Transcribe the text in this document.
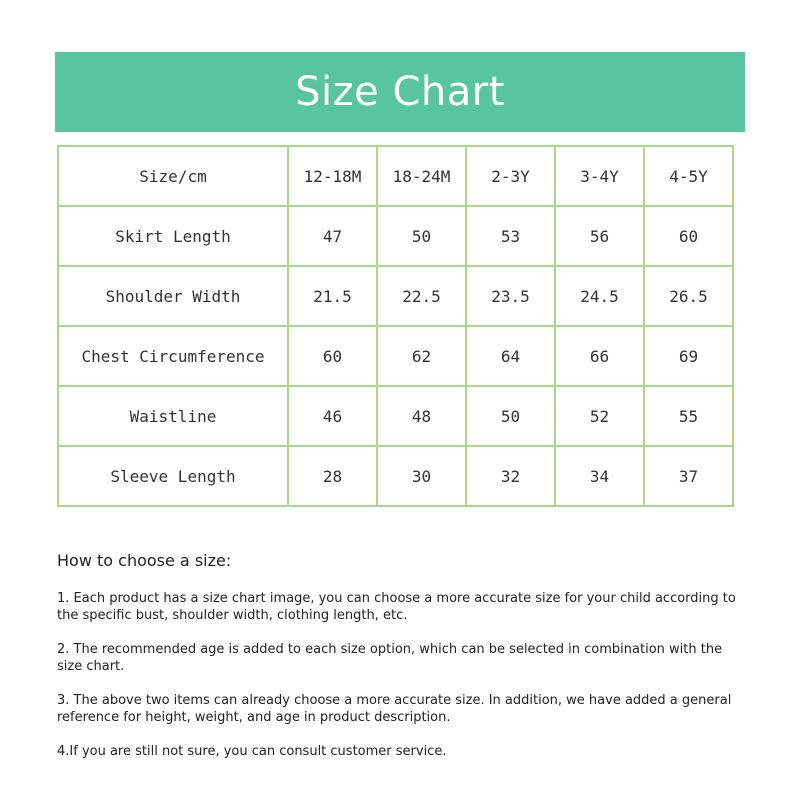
Size Chart
Size/cm	12-18M	18-24M	2-3Y	3-4Y	4-5Y
Skirt Length	47	50	53	56	60
Shoulder Width	21.5	22.5	23.5	24.5	26.5
Chest Circumference	60	62	64	66	69
Waistline	46	48	50	52	55
Sleeve Length	28	30	32	34	37
How to choose a size:

1. Each product has a size chart image, you can choose a more accurate size for your child according to the specific bust, shoulder width, clothing length, etc.

2. The recommended age is added to each size option, which can be selected in combination with the size chart.

3. The above two items can already choose a more accurate size. In addition, we have added a general reference for height, weight, and age in product description.

4.If you are still not sure, you can consult customer service.
